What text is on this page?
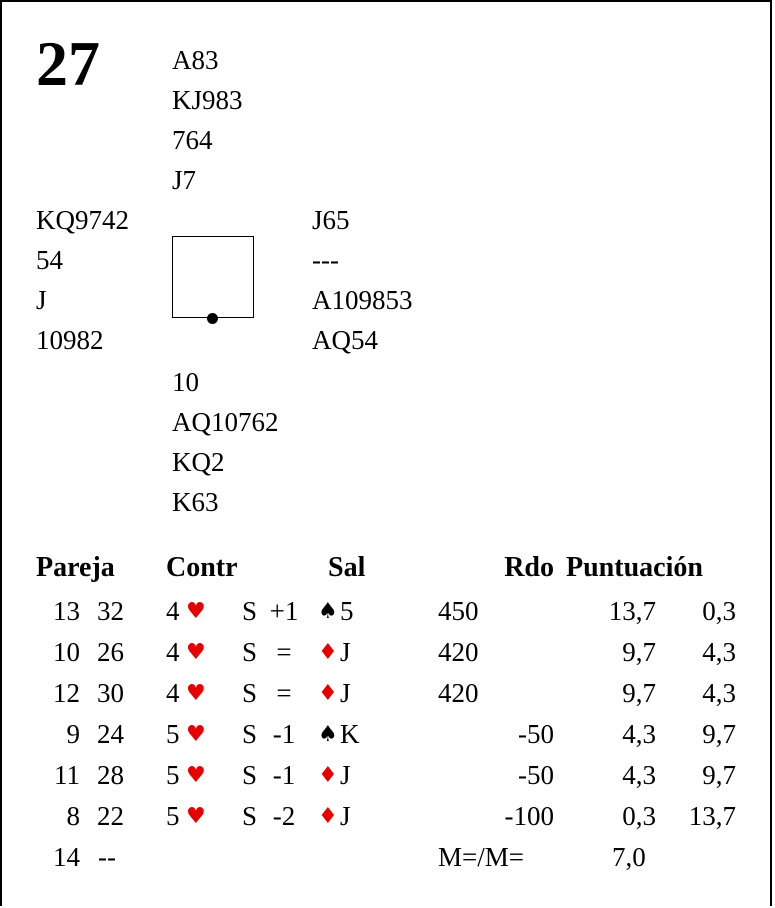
27	A83
KJ983
764
J7
KQ9742
54
J
10982
J65
---
A109853
AQ54
10
AQ10762
KQ2
K63
Pareja Contr	Sal	Rdo Puntuación
13 32 4 ♥ S +1 ♠ 5	450	13,7	0,3
10 26 4 ♥ S =	♦ J	420	9,7	4,3
12 30 4 ♥ S =	♦ J	420	9,7	4,3
9 24 5 ♥ S -1	♠ K	-50	4,3	9,7
11 28 5 ♥ S -1	♦ J	-50	4,3	9,7
8 22 5 ♥ S -2	♦ J	-100	0,3	13,7
14 --	M=/M=	7,0
